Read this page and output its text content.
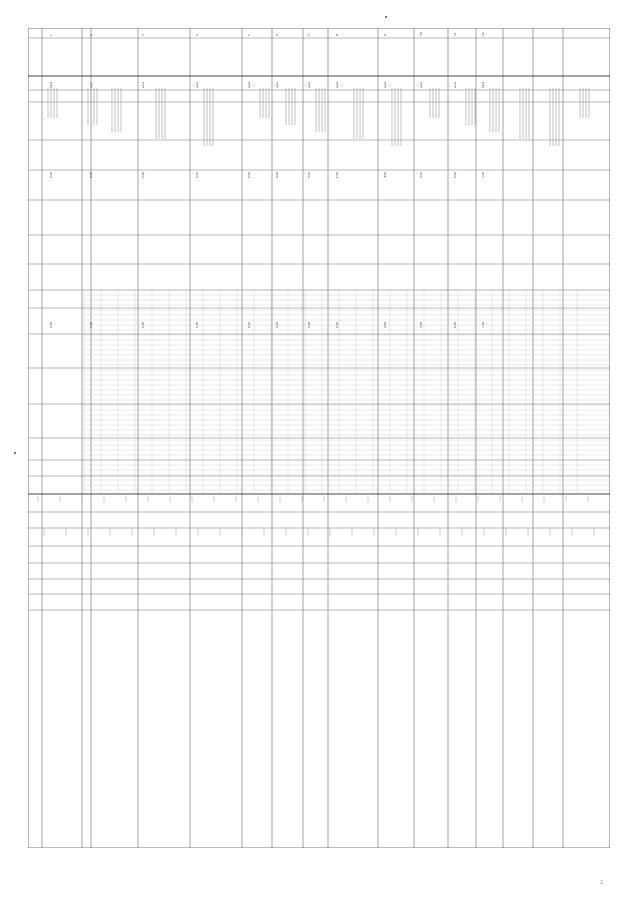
1
кв.м
0,00
0,00
2
кв.м
0,00
0,00
3
кв.м
0,00
0,00
4
кв.м
0,00
0,00
5
кв.м
0,00
0,00
6
кв.м
0,00
0,00
7
кв.м
5,00
5,00
8
кв.м
1,00
1,00
9
кв.м
4,00
4,00
10
кв.м
3,00
3,00
11
кв.м
6,00
6,00
12
кв.м
7,00
7,00
2
